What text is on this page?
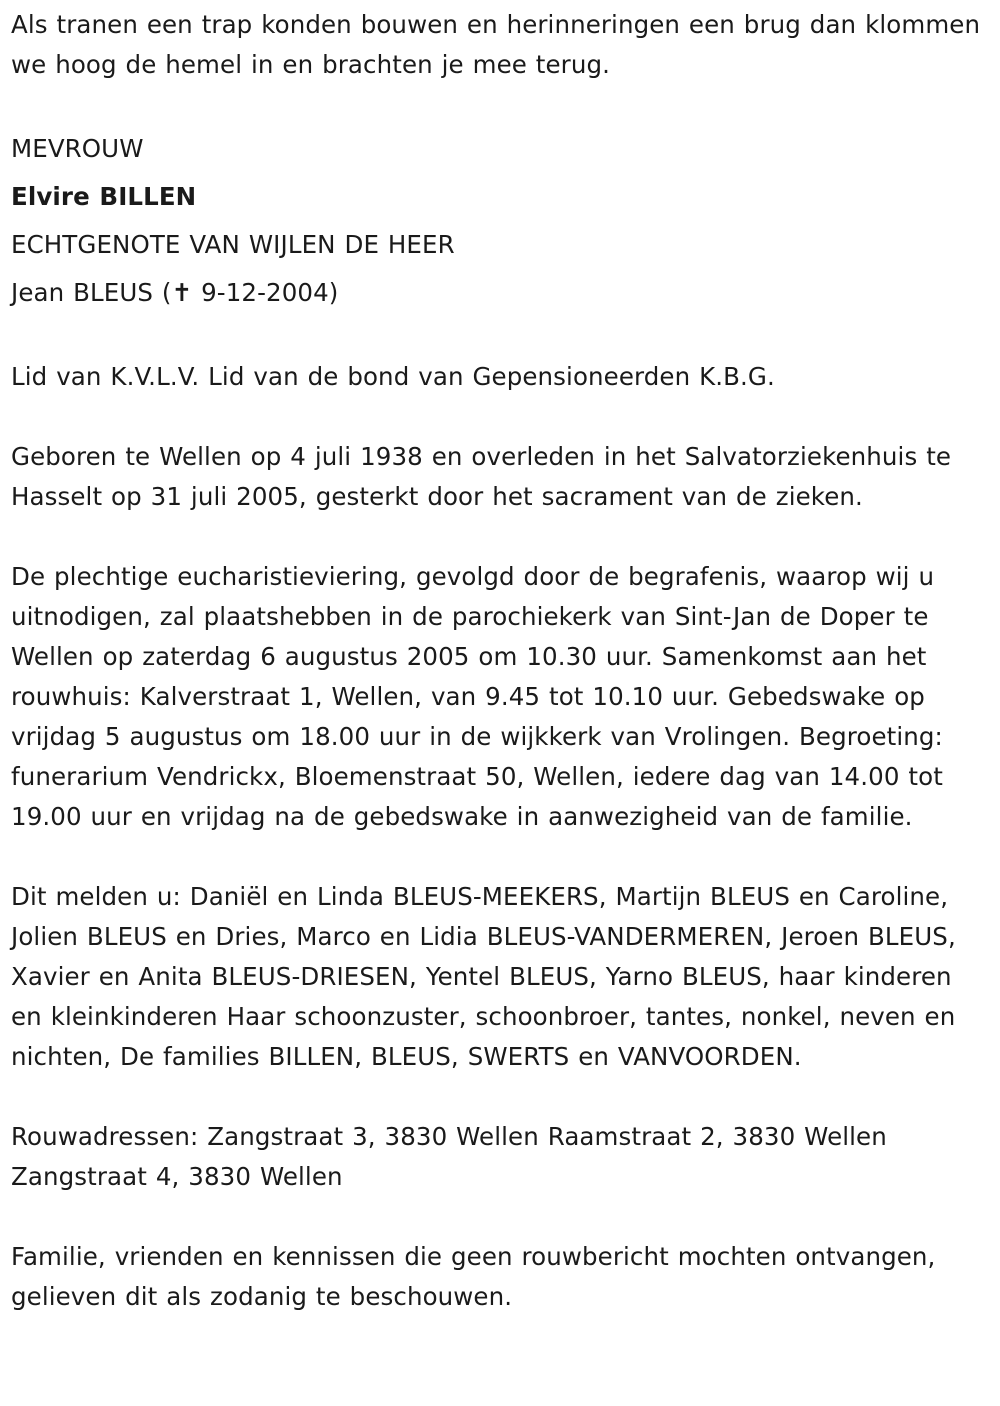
Als tranen een trap konden bouwen en herinneringen een brug dan klommen we hoog de hemel in en brachten je mee terug.

MEVROUW

Elvire BILLEN

ECHTGENOTE VAN WIJLEN DE HEER

Jean BLEUS (✝ 9-12-2004)

Lid van K.V.L.V. Lid van de bond van Gepensioneerden K.B.G.

Geboren te Wellen op 4 juli 1938 en overleden in het Salvatorziekenhuis te Hasselt op 31 juli 2005, gesterkt door het sacrament van de zieken.

De plechtige eucharistieviering, gevolgd door de begrafenis, waarop wij u uitnodigen, zal plaatshebben in de parochiekerk van Sint-Jan de Doper te Wellen op zaterdag 6 augustus 2005 om 10.30 uur. Samenkomst aan het rouwhuis: Kalverstraat 1, Wellen, van 9.45 tot 10.10 uur. Gebedswake op vrijdag 5 augustus om 18.00 uur in de wijkkerk van Vrolingen. Begroeting: funerarium Vendrickx, Bloemenstraat 50, Wellen, iedere dag van 14.00 tot 19.00 uur en vrijdag na de gebedswake in aanwezigheid van de familie.

Dit melden u: Daniël en Linda BLEUS-MEEKERS, Martijn BLEUS en Caroline, Jolien BLEUS en Dries, Marco en Lidia BLEUS-VANDERMEREN, Jeroen BLEUS, Xavier en Anita BLEUS-DRIESEN, Yentel BLEUS, Yarno BLEUS, haar kinderen en kleinkinderen Haar schoonzuster, schoonbroer, tantes, nonkel, neven en nichten, De families BILLEN, BLEUS, SWERTS en VANVOORDEN.

Rouwadressen: Zangstraat 3, 3830 Wellen Raamstraat 2, 3830 Wellen Zangstraat 4, 3830 Wellen

Familie, vrienden en kennissen die geen rouwbericht mochten ontvangen, gelieven dit als zodanig te beschouwen.
